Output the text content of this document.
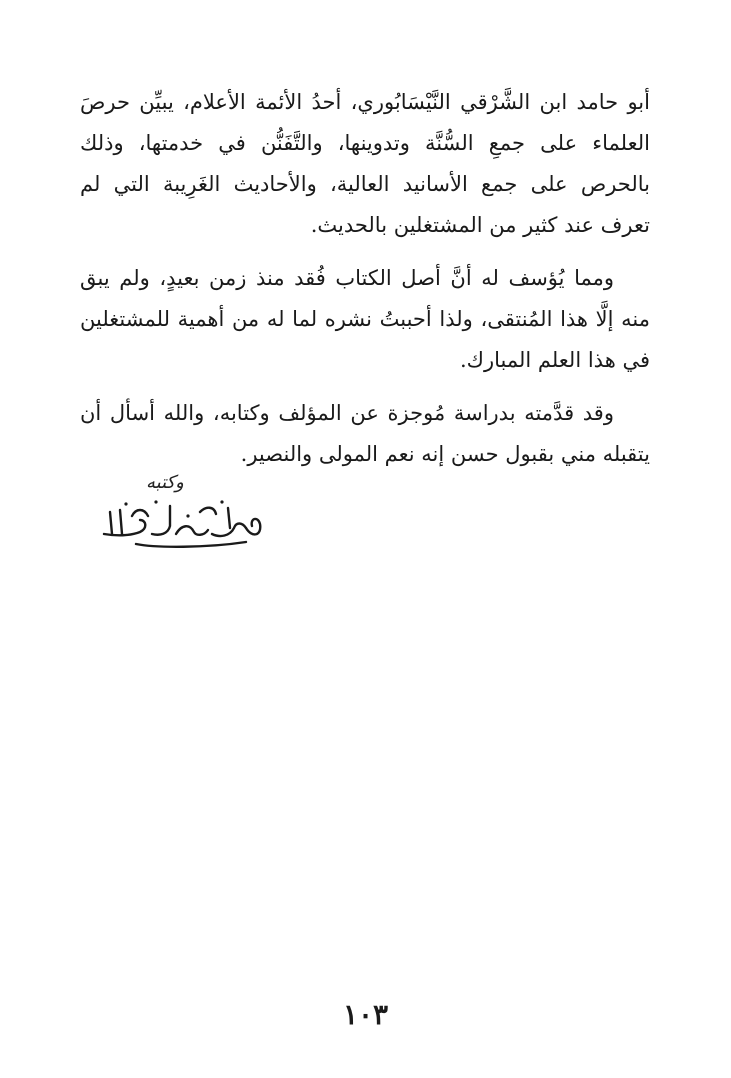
أبو حامد ابن الشَّرْقي النَّيْسَابُوري، أحدُ الأئمة الأعلام، يبيِّن حرصَ العلماء على جمعِ السُّنَّة وتدوينها، والتَّفَنُّن في خدمتها، وذلك بالحرص على جمع الأسانيد العالية، والأحاديث الغَرِيبة التي لم تعرف عند كثير من المشتغلين بالحديث.

ومما يُؤسف له أنَّ أصل الكتاب فُقد منذ زمن بعيدٍ، ولم يبق منه إلَّا هذا المُنتقى، ولذا أحببتُ نشره لما له من أهمية للمشتغلين في هذا العلم المبارك.

وقد قدَّمته بدراسة مُوجزة عن المؤلف وكتابه، والله أسأل أن يتقبله مني بقبول حسن إنه نعم المولى والنصير.

وكتبه
١٠٣
